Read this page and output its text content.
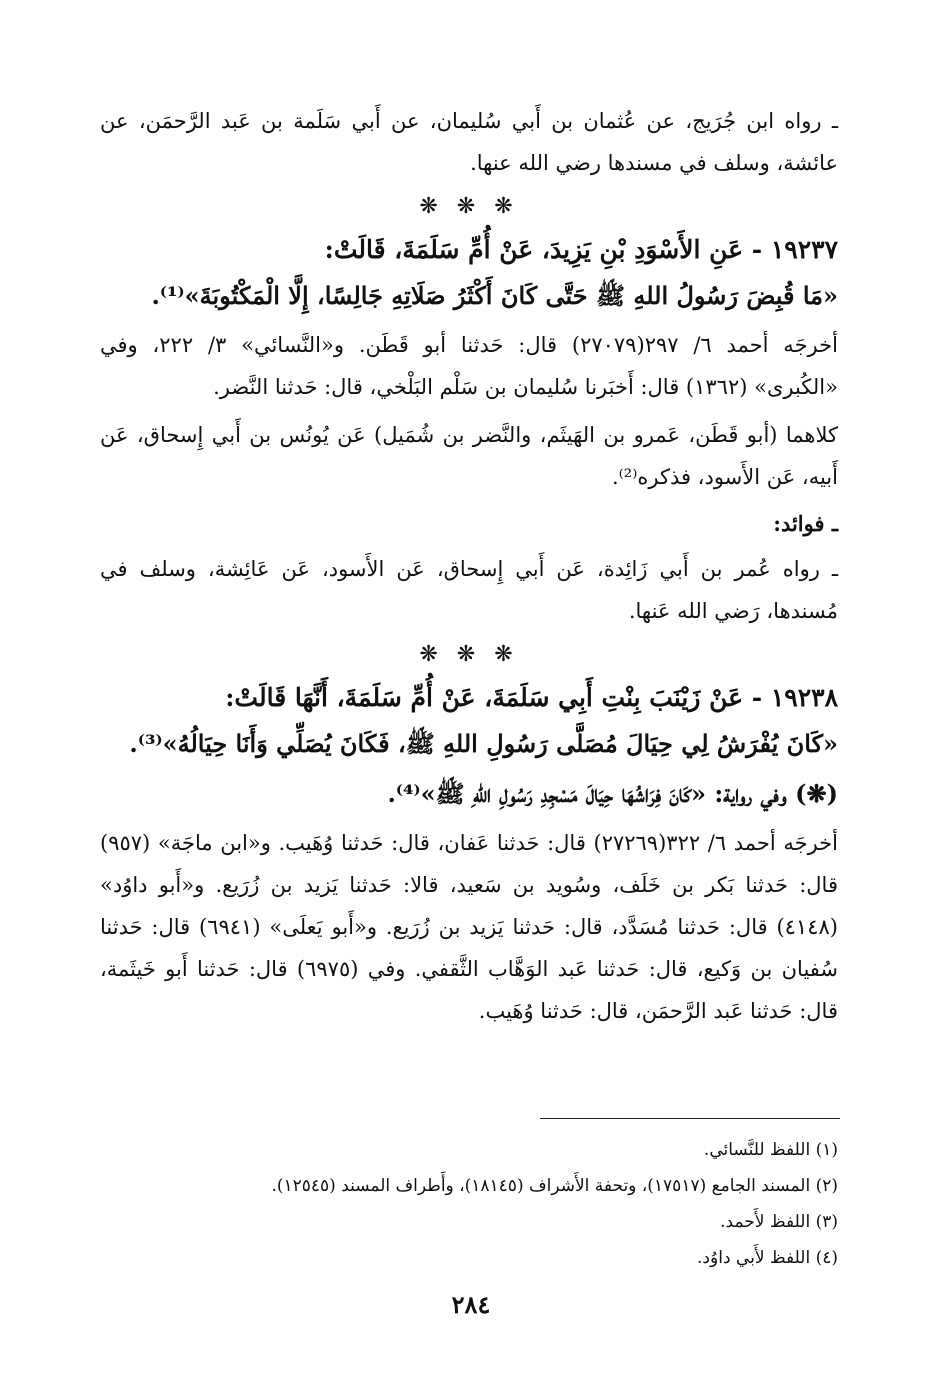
ـ رواه ابن جُرَيج، عن عُثمان بن أَبي سُليمان، عن أَبي سَلَمة بن عَبد الرَّحمَن، عن عائشة، وسلف في مسندها رضي الله عنها.

❋ ❋ ❋
١٩٢٣٧ - عَنِ الأَسْوَدِ بْنِ يَزِيدَ، عَنْ أُمِّ سَلَمَةَ، قَالَتْ:
«مَا قُبِضَ رَسُولُ اللهِ ﷺ حَتَّى كَانَ أَكْثَرُ صَلَاتِهِ جَالِسًا، إِلَّا الْمَكْتُوبَةَ»⁽¹⁾.

أخرجَه أحمد ٦/ ٢٩٧(٢٧٠٧٩) قال: حَدثنا أبو قَطَن. و«النَّسائي» ٣/ ٢٢٢، وفي «الكُبرى» (١٣٦٢) قال: أَخبَرنا سُليمان بن سَلْم البَلْخي، قال: حَدثنا النَّضر.

كلاهما (أبو قَطَن، عَمرو بن الهَيثَم، والنَّضر بن شُمَيل) عَن يُونُس بن أَبي إِسحاق، عَن أَبيه، عَن الأَسود، فذكره⁽²⁾.

ـ فوائد:

ـ رواه عُمر بن أَبي زَائِدة، عَن أَبي إِسحاق، عَن الأَسود، عَن عَائِشة، وسلف في مُسندها، رَضي الله عَنها.

❋ ❋ ❋
١٩٢٣٨ - عَنْ زَيْنَبَ بِنْتِ أَبِي سَلَمَةَ، عَنْ أُمِّ سَلَمَةَ، أَنَّهَا قَالَتْ:
«كَانَ يُفْرَشُ لِي حِيَالَ مُصَلَّى رَسُولِ اللهِ ﷺ، فَكَانَ يُصَلِّي وَأَنَا حِيَالُهُ»⁽³⁾.
(❋) وفي رواية: «كَانَ فِرَاشُهَا حِيَالَ مَسْجِدِ رَسُولِ اللهِ ﷺ»⁽⁴⁾.

أخرجَه أحمد ٦/ ٣٢٢(٢٧٢٦٩) قال: حَدثنا عَفان، قال: حَدثنا وُهَيب. و«ابن ماجَة» (٩٥٧) قال: حَدثنا بَكر بن خَلَف، وسُويد بن سَعيد، قالا: حَدثنا يَزيد بن زُرَيع. و«أَبو داوُد» (٤١٤٨) قال: حَدثنا مُسَدَّد، قال: حَدثنا يَزيد بن زُرَيع. و«أَبو يَعلَى» (٦٩٤١) قال: حَدثنا سُفيان بن وَكيع، قال: حَدثنا عَبد الوَهَّاب الثَّقفي. وفي (٦٩٧٥) قال: حَدثنا أَبو خَيثَمة، قال: حَدثنا عَبد الرَّحمَن، قال: حَدثنا وُهَيب.

(١) اللفظ للنَّسائي.
(٢) المسند الجامع (١٧٥١٧)، وتحفة الأَشراف (١٨١٤٥)، وأَطراف المسند (١٢٥٤٥).
(٣) اللفظ لأَحمد.
(٤) اللفظ لأَبي داوُد.
٢٨٤
